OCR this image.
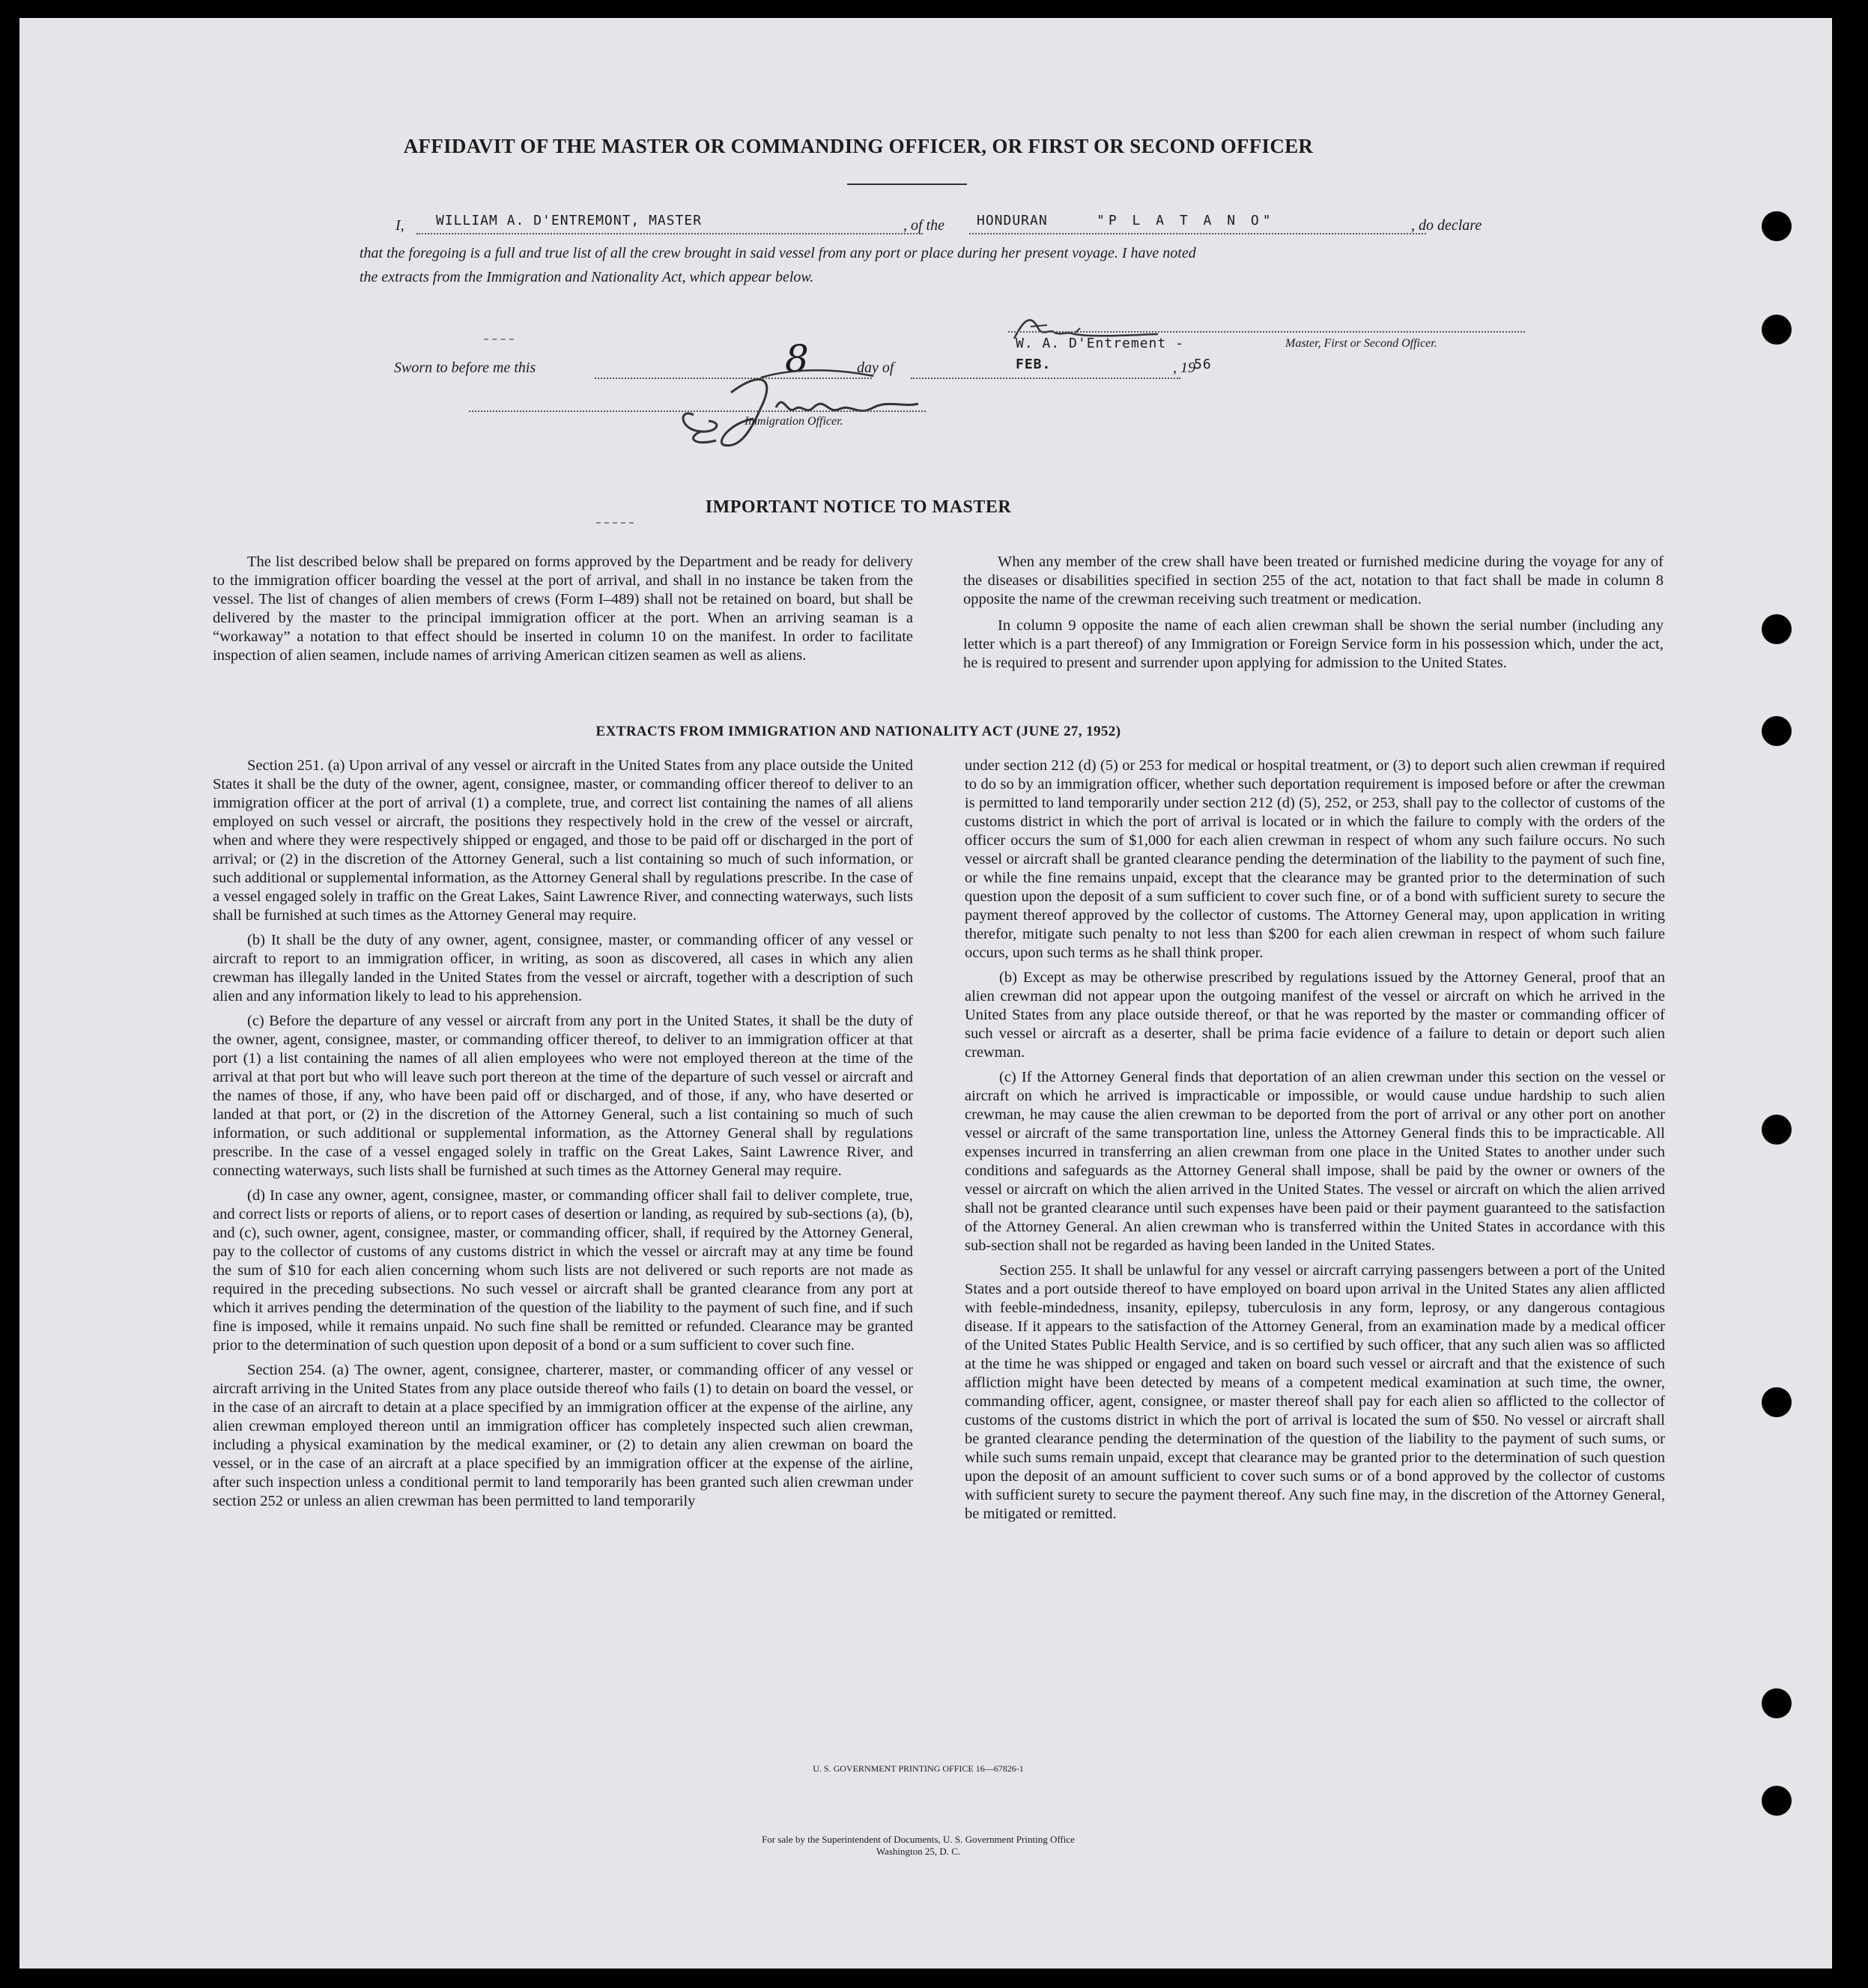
AFFIDAVIT OF THE MASTER OR COMMANDING OFFICER, OR FIRST OR SECOND OFFICER
I, WILLIAM A. D'ENTREMONT, MASTER	, of the HONDURAN	"P L A T A N O"	, do declare
that the foregoing is a full and true list of all the crew brought in said vessel from any port or place during her present voyage. I have noted
the extracts from the Immigration and Nationality Act, which appear below.
W. A. D'Entrement -	Master, First or Second Officer.
Sworn to before me this	8	day of	FEB.	, 19
56
Immigration Officer.
IMPORTANT NOTICE TO MASTER

The list described below shall be prepared on forms approved by the Department and be ready for delivery to the immigration officer boarding the vessel at the port of arrival, and shall in no instance be taken from the vessel. The list of changes of alien members of crews (Form I–489) shall not be retained on board, but shall be delivered by the master to the principal immigration officer at the port. When an arriving seaman is a “workaway” a notation to that effect should be inserted in column 10 on the manifest. In order to facilitate inspection of alien seamen, include names of arriving American citizen seamen as well as aliens.

When any member of the crew shall have been treated or furnished medicine during the voyage for any of the diseases or disabilities specified in section 255 of the act, notation to that fact shall be made in column 8 opposite the name of the crewman receiving such treatment or medication.

In column 9 opposite the name of each alien crewman shall be shown the serial number (including any letter which is a part thereof) of any Immigration or Foreign Service form in his possession which, under the act, he is required to present and surrender upon applying for admission to the United States.

EXTRACTS FROM IMMIGRATION AND NATIONALITY ACT (JUNE 27, 1952)

Section 251. (a) Upon arrival of any vessel or aircraft in the United States from any place outside the United States it shall be the duty of the owner, agent, consignee, master, or commanding officer thereof to deliver to an immigration officer at the port of arrival (1) a complete, true, and correct list containing the names of all aliens employed on such vessel or aircraft, the positions they respectively hold in the crew of the vessel or aircraft, when and where they were respectively shipped or engaged, and those to be paid off or discharged in the port of arrival; or (2) in the discretion of the Attorney General, such a list containing so much of such information, or such additional or supplemental information, as the Attorney General shall by regulations prescribe. In the case of a vessel engaged solely in traffic on the Great Lakes, Saint Lawrence River, and connecting waterways, such lists shall be furnished at such times as the Attorney General may require.

(b) It shall be the duty of any owner, agent, consignee, master, or commanding officer of any vessel or aircraft to report to an immigration officer, in writing, as soon as discovered, all cases in which any alien crewman has illegally landed in the United States from the vessel or aircraft, together with a description of such alien and any information likely to lead to his apprehension.

(c) Before the departure of any vessel or aircraft from any port in the United States, it shall be the duty of the owner, agent, consignee, master, or commanding officer thereof, to deliver to an immigration officer at that port (1) a list containing the names of all alien employees who were not employed thereon at the time of the arrival at that port but who will leave such port thereon at the time of the departure of such vessel or aircraft and the names of those, if any, who have been paid off or discharged, and of those, if any, who have deserted or landed at that port, or (2) in the discretion of the Attorney General, such a list containing so much of such information, or such additional or supplemental information, as the Attorney General shall by regulations prescribe. In the case of a vessel engaged solely in traffic on the Great Lakes, Saint Lawrence River, and connecting waterways, such lists shall be furnished at such times as the Attorney General may require.

(d) In case any owner, agent, consignee, master, or commanding officer shall fail to deliver complete, true, and correct lists or reports of aliens, or to report cases of desertion or landing, as required by sub-sections (a), (b), and (c), such owner, agent, consignee, master, or commanding officer, shall, if required by the Attorney General, pay to the collector of customs of any customs district in which the vessel or aircraft may at any time be found the sum of $10 for each alien concerning whom such lists are not delivered or such reports are not made as required in the preceding subsections. No such vessel or aircraft shall be granted clearance from any port at which it arrives pending the determination of the question of the liability to the payment of such fine, and if such fine is imposed, while it remains unpaid. No such fine shall be remitted or refunded. Clearance may be granted prior to the determination of such question upon deposit of a bond or a sum sufficient to cover such fine.

Section 254. (a) The owner, agent, consignee, charterer, master, or commanding officer of any vessel or aircraft arriving in the United States from any place outside thereof who fails (1) to detain on board the vessel, or in the case of an aircraft to detain at a place specified by an immigration officer at the expense of the airline, any alien crewman employed thereon until an immigration officer has completely inspected such alien crewman, including a physical examination by the medical examiner, or (2) to detain any alien crewman on board the vessel, or in the case of an aircraft at a place specified by an immigration officer at the expense of the airline, after such inspection unless a conditional permit to land temporarily has been granted such alien crewman under section 252 or unless an alien crewman has been permitted to land temporarily

under section 212 (d) (5) or 253 for medical or hospital treatment, or (3) to deport such alien crewman if required to do so by an immigration officer, whether such deportation requirement is imposed before or after the crewman is permitted to land temporarily under section 212 (d) (5), 252, or 253, shall pay to the collector of customs of the customs district in which the port of arrival is located or in which the failure to comply with the orders of the officer occurs the sum of $1,000 for each alien crewman in respect of whom any such failure occurs. No such vessel or aircraft shall be granted clearance pending the determination of the liability to the payment of such fine, or while the fine remains unpaid, except that the clearance may be granted prior to the determination of such question upon the deposit of a sum sufficient to cover such fine, or of a bond with sufficient surety to secure the payment thereof approved by the collector of customs. The Attorney General may, upon application in writing therefor, mitigate such penalty to not less than $200 for each alien crewman in respect of whom such failure occurs, upon such terms as he shall think proper.

(b) Except as may be otherwise prescribed by regulations issued by the Attorney General, proof that an alien crewman did not appear upon the outgoing manifest of the vessel or aircraft on which he arrived in the United States from any place outside thereof, or that he was reported by the master or commanding officer of such vessel or aircraft as a deserter, shall be prima facie evidence of a failure to detain or deport such alien crewman.

(c) If the Attorney General finds that deportation of an alien crewman under this section on the vessel or aircraft on which he arrived is impracticable or impossible, or would cause undue hardship to such alien crewman, he may cause the alien crewman to be deported from the port of arrival or any other port on another vessel or aircraft of the same transportation line, unless the Attorney General finds this to be impracticable. All expenses incurred in transferring an alien crewman from one place in the United States to another under such conditions and safeguards as the Attorney General shall impose, shall be paid by the owner or owners of the vessel or aircraft on which the alien arrived in the United States. The vessel or aircraft on which the alien arrived shall not be granted clearance until such expenses have been paid or their payment guaranteed to the satisfaction of the Attorney General. An alien crewman who is transferred within the United States in accordance with this sub-section shall not be regarded as having been landed in the United States.

Section 255. It shall be unlawful for any vessel or aircraft carrying passengers between a port of the United States and a port outside thereof to have employed on board upon arrival in the United States any alien afflicted with feeble-mindedness, insanity, epilepsy, tuberculosis in any form, leprosy, or any dangerous contagious disease. If it appears to the satisfaction of the Attorney General, from an examination made by a medical officer of the United States Public Health Service, and is so certified by such officer, that any such alien was so afflicted at the time he was shipped or engaged and taken on board such vessel or aircraft and that the existence of such affliction might have been detected by means of a competent medical examination at such time, the owner, commanding officer, agent, consignee, or master thereof shall pay for each alien so afflicted to the collector of customs of the customs district in which the port of arrival is located the sum of $50. No vessel or aircraft shall be granted clearance pending the determination of the question of the liability to the payment of such sums, or while such sums remain unpaid, except that clearance may be granted prior to the determination of such question upon the deposit of an amount sufficient to cover such sums or of a bond approved by the collector of customs with sufficient surety to secure the payment thereof. Any such fine may, in the discretion of the Attorney General, be mitigated or remitted.

U. S. GOVERNMENT PRINTING OFFICE 16—67826-1
For sale by the Superintendent of Documents, U. S. Government Printing Office
Washington 25, D. C.
